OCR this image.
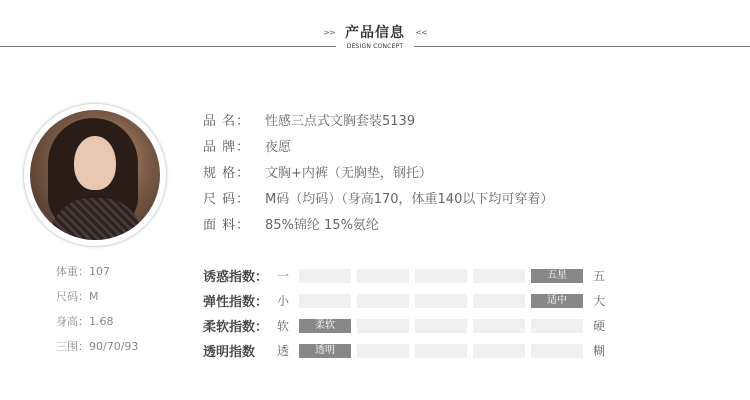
>> 产品信息 <<
DESIGN CONCEPT
品 名：	性感三点式文胸套装5139
品 牌：	夜愿
规 格：	文胸+内裤（无胸垫，钢托）
尺 码：	M码（均码）（身高170，体重140以下均可穿着）
面 料：	85%锦纶 15%氨纶
体重：107
尺码：M
身高：1.68
三围：90/70/93
诱惑指数： 一	五星	五
弹性指数： 小	适中	大
柔软指数： 软	柔软	硬
透明指数	透	透明	糊
